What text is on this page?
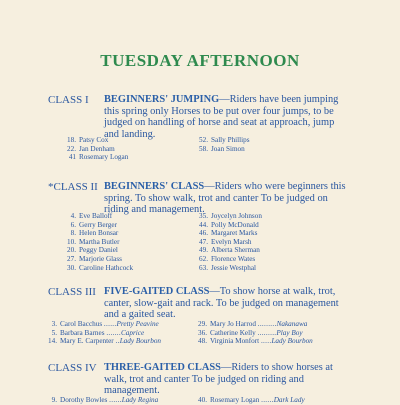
TUESDAY AFTERNOON
CLASS I BEGINNERS' JUMPING—Riders have been jumping this spring only Horses to be put over four jumps, to be judged on handling of horse and seat at approach, jump and landing.
18. Patsy Cox
22. Jan Denham
41 Rosemary Logan
52. Sally Phillips
58. Joan Simon
*CLASS II BEGINNERS' CLASS—Riders who were beginners this spring. To show walk, trot and canter To be judged on riding and management.
4. Eve Balloff
6. Gerry Berger
8. Helen Bonsar
10. Martha Butler
20. Peggy Daniel
27. Marjorie Glass
30. Caroline Hathcock
35. Joycelyn Johnson
44. Polly McDonald
46. Margaret Marks
47. Evelyn Marsh
49. Alberta Sherman
62. Florence Wates
63. Jessie Westphal
CLASS III FIVE-GAITED CLASS—To show horse at walk, trot, canter, slow-gait and rack. To be judged on management and a gaited seat.
3. Carol Bacchus ......Pretty Peavine
5. Barbara Barnes .......Caprice
14. Mary E. Carpenter ..Lady Bourbon
29. Mary Jo Harrod .........Nakanawa
36. Catherine Kelly .........Play Boy
48. Virginia Monfort .....Lady Bourbon
CLASS IV THREE-GAITED CLASS—Riders to show horses at walk, trot and canter To be judged on riding and management.
9. Dorothy Bowles ......Lady Regina	40. Rosemary Logan ......Dark Lady
